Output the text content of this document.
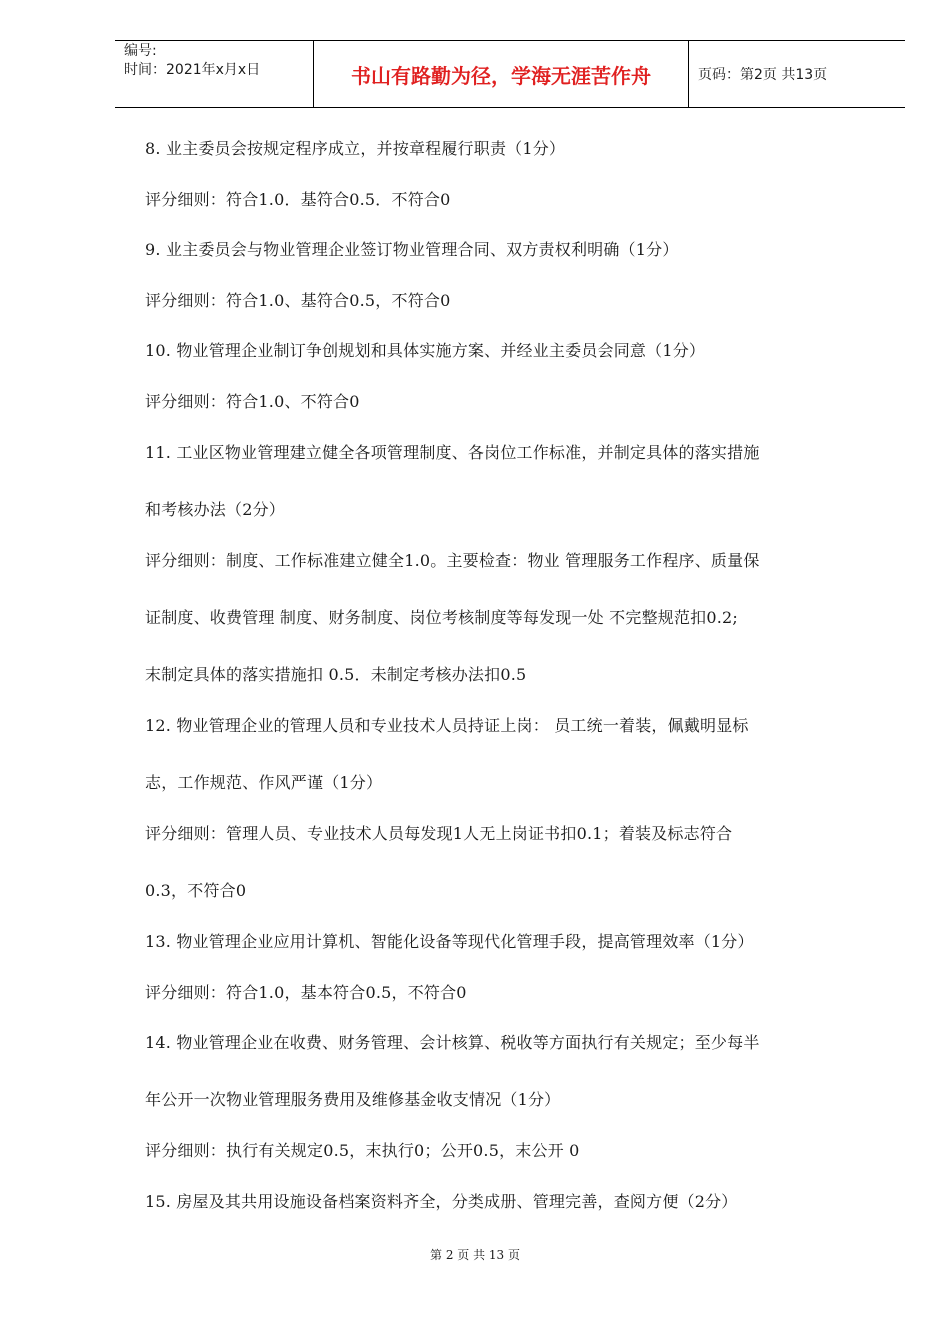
编号:
时间：2021年x月x日	书山有路勤为径，学海无涯苦作舟	页码：第2页 共13页
8. 业主委员会按规定程序成立，并按章程履行职责（1分）
评分细则：符合1.0．基符合0.5．不符合0
9. 业主委员会与物业管理企业签订物业管理合同、双方责权利明确（1分）
评分细则：符合1.0、基符合0.5，不符合0
10. 物业管理企业制订争创规划和具体实施方案、并经业主委员会同意（1分）
评分细则：符合1.0、不符合0
11. 工业区物业管理建立健全各项管理制度、各岗位工作标准，并制定具体的落实措施
和考核办法（2分）
评分细则：制度、工作标准建立健全1.0。主要检查：物业 管理服务工作程序、质量保
证制度、收费管理 制度、财务制度、岗位考核制度等每发现一处 不完整规范扣0.2;
末制定具体的落实措施扣 0.5．未制定考核办法扣0.5
12. 物业管理企业的管理人员和专业技术人员持证上岗： 员工统一着装，佩戴明显标
志，工作规范、作风严谨（1分）
评分细则：管理人员、专业技术人员每发现1人无上岗证书扣0.1；着装及标志符合
0.3，不符合0
13. 物业管理企业应用计算机、智能化设备等现代化管理手段，提高管理效率（1分）
评分细则：符合1.0，基本符合0.5，不符合0
14. 物业管理企业在收费、财务管理、会计核算、税收等方面执行有关规定；至少每半
年公开一次物业管理服务费用及维修基金收支情况（1分）
评分细则：执行有关规定0.5，末执行0；公开0.5，末公开 0
15. 房屋及其共用设施设备档案资料齐全，分类成册、管理完善，查阅方便（2分）
第 2 页 共 13 页
